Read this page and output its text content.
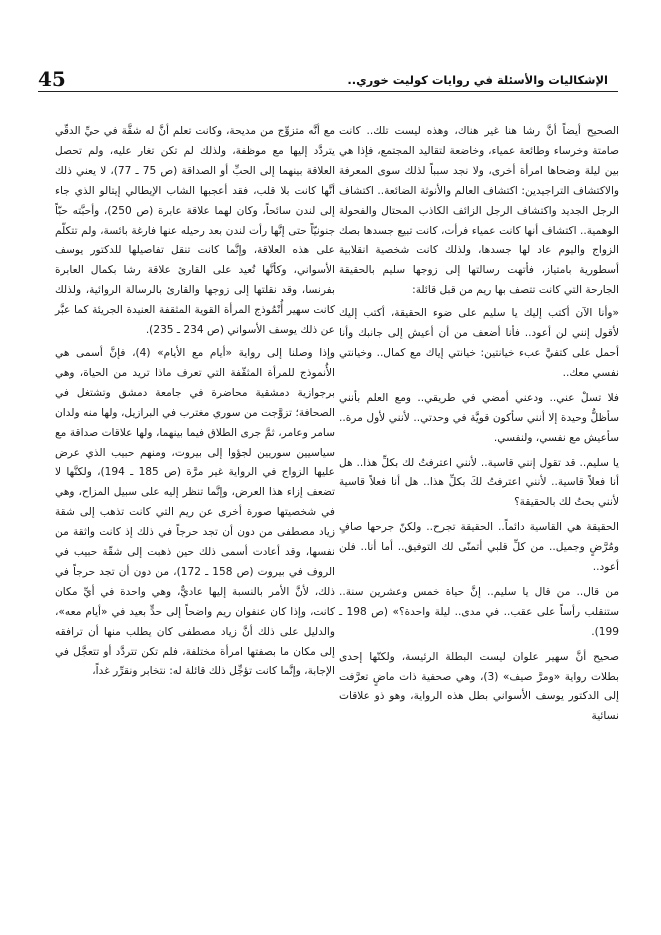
45	الإشكاليات والأسئلة في روايات كوليت خوري..

الصحيح أيضاً أنَّ رشا هنا غير هناك، وهذه ليست تلك.. كانت صامتة وخرساء وطائعة عمياء، وخاضعة لتقاليد المجتمع، فإذا هي بين ليلة وضحاها امرأة أخرى، ولا نجد سبباً لذلك سوى المعرفة والاكتشاف التراجيدين: اكتشاف العالم والأنوثة الضائعة.. اكتشاف الرجل الجديد واكتشاف الرجل الزائف الكاذب المحتال والفحولة الوهمية.. اكتشاف أنها كانت عمياء فرأت، كانت تبيع جسدها بصك الزواج واليوم عاد لها جسدها، ولذلك كانت شخصية انقلابية أسطورية بامتياز، فأتهت رسالتها إلى زوجها سليم بالحقيقة الجارحة التي كانت تتصف بها ريم من قبل قائلة:

«وأنا الآن أكتب إليك يا سليم على ضوء الحقيقة، أكتب إليك لأقول إنني لن أعود.. فأنا أضعف من أن أعيش إلى جانبك وأنا أحمل على كتفيَّ عبء خيانتين: خيانتي إياك مع كمال.. وخيانتي نفسي معك..

فلا تسلْ عني.. ودعني أمضي في طريقي.. ومع العلم بأنني سأظلُّ وحيدة إلا أنني سأكون قويَّة في وحدتي.. لأنني لأول مرة.. سأعيش مع نفسي، ولنفسي.

يا سليم.. قد تقول إنني قاسية.. لأنني اعترفتُ لك بكلِّ هذا.. هل أنا فعلاً قاسية.. لأنني اعترفتُ لكَ بكلِّ هذا.. هل أنا فعلاً قاسية لأنني بحتُ لك بالحقيقة؟

الحقيقة هي القاسية دائماً.. الحقيقة تجرح.. ولكنّ جرحها صافٍ ومُرَّضٍ وجميل.. من كلِّ قلبي أتمنّى لك التوفيق.. أما أنا.. فلن أعود..

من قال.. من قال يا سليم.. إنَّ حياة خمس وعشرين سنة.. ستنقلب رأساً على عقب.. في مدى.. ليلة واحدة؟» (ص 198 ـ 199).

صحيح أنَّ سهير علوان ليست البطلة الرئيسة، ولكنّها إحدى بطلات رواية «ومرَّ صيف» (3)، وهي صحفية ذات ماضٍ تعرَّفت إلى الدكتور يوسف الأسواني بطل هذه الرواية، وهو ذو علاقات نسائية

مع أنَّه متزوِّج من مديحة، وكانت تعلم أنَّ له شقَّة في حيِّ الدقّي يتردَّد إليها مع موظفة، ولذلك لم تكن تغار عليه، ولم تحصل العلاقة بينهما إلى الحبِّ أو الصداقة (ص 75 ـ 77)، لا يعني ذلك أنَّها كانت بلا قلب، فقد أعجبها الشاب الإيطالي إيتالو الذي جاء إلى لندن سائحاً، وكان لهما علاقة عابرة (ص 250)، وأحبَّته حبّاً جنونيّاً حتى إنَّها رأت لندن بعد رحيله عنها فارغة بائسة، ولم تتكلّم على هذه العلاقة، وإنَّما كانت تنقل تفاصيلها للدكتور يوسف الأسواني، وكأنَّها تُعيد على القارئ علاقة رشا بكمال العابرة بفرنسا، وقد نقلتها إلى زوجها والقارئ بالرسالة الروائية، ولذلك كانت سهير أُنْمُوذج المرأة القوية المثقفة العنيدة الجريئة كما عبَّر عن ذلك يوسف الأسواني (ص 234 ـ 235).

وإذا وصلنا إلى رواية «أيام مع الأيام» (4)، فإنَّ أسمى هي الأُنموذج للمرأة المثقّفة التي تعرف ماذا تريد من الحياة، وهي برجوازية دمشقية محاضرة في جامعة دمشق وتشتغل في الصحافة؛ تزوَّجت من سوري مغترب في البرازيل، ولها منه ولدان سامر وعامر، ثمَّ جرى الطلاق فيما بينهما، ولها علاقات صداقة مع سياسيين سوريين لجؤوا إلى بيروت، ومنهم حبيب الذي عرض عليها الزواج في الرواية غير مرَّة (ص 185 ـ 194)، ولكنَّها لا تضعف إزاء هذا العرض، وإنَّما تنظر إليه على سبيل المزاح، وهي في شخصيتها صورة أخرى عن ريم التي كانت تذهب إلى شقة زياد مصطفى من دون أن تجد حرجاً في ذلك إذ كانت واثقة من نفسها، وقد أعادت أسمى ذلك حين ذهبت إلى شقّة حبيب في الروف في بيروت (ص 158 ـ 172)، من دون أن تجد حرجاً في ذلك، لأنَّ الأمر بالنسبة إليها عاديٌّ، وهي واحدة في أيِّ مكان كانت، وإذا كان عنفوان ريم واضحاً إلى حدٍّ بعيد في «أيام معه»، والدليل على ذلك أنَّ زياد مصطفى كان يطلب منها أن ترافقه إلى مكان ما بصفتها امرأة مختلفة، فلم تكن تتردَّد أو تتعجَّل في الإجابة، وإنَّما كانت تؤجِّل ذلك قائلة له: نتخابر ونقرِّر غداً،
